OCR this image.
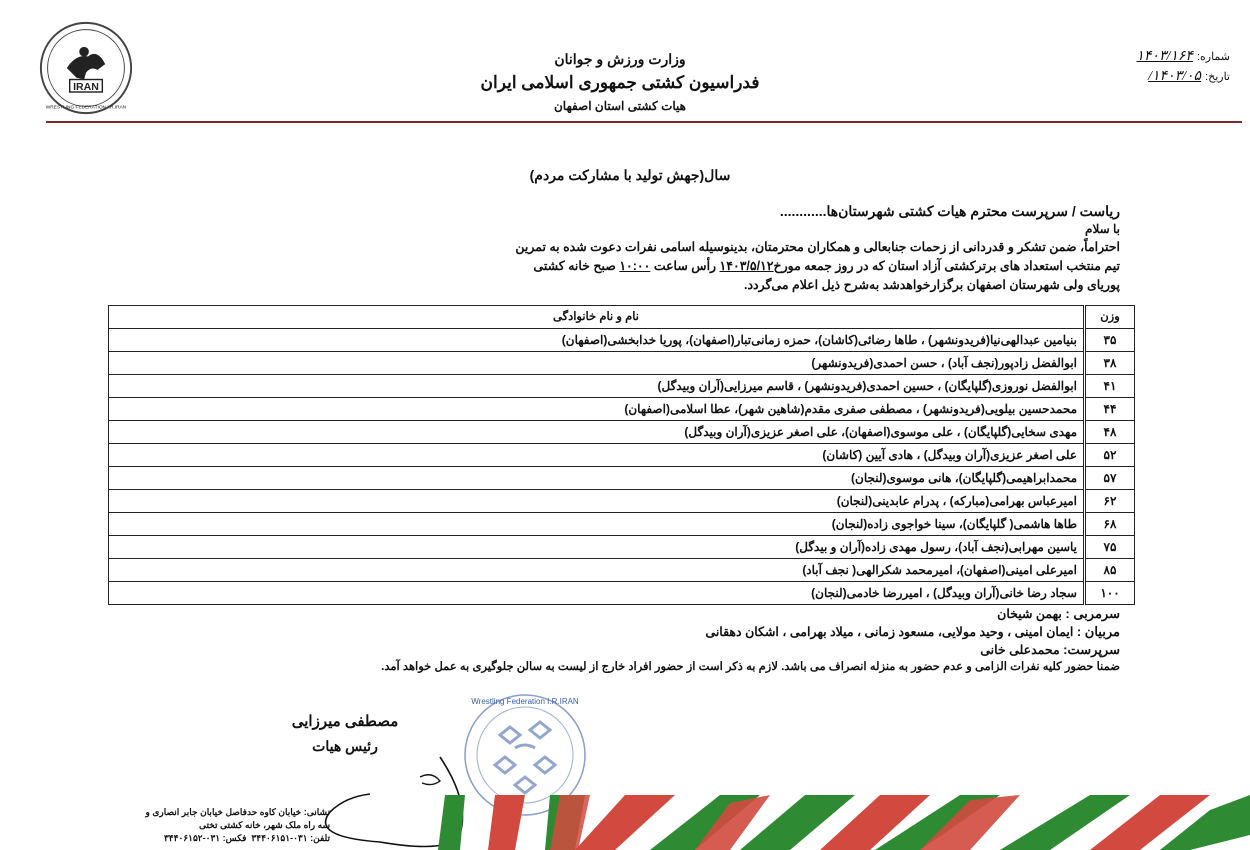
IRAN
WRESTLING FEDERATION I.R.IRAN
وزارت ورزش و جوانان
فدراسیون کشتی جمهوری اسلامی ایران
هیات کشتی استان اصفهان
شماره:
۱۴۰۳/۱۶۴
تاریخ:
۱۴۰۳/۰۵/
سال(جهش تولید با مشارکت مردم)
ریاست / سرپرست محترم هیات کشتی شهرستان‌ها............
با سلام
احتراماً، ضمن تشکر و قدردانی از زحمات جنابعالی و همکاران محترمتان، بدینوسیله اسامی نفرات دعوت شده به تمرین
تیم منتخب استعداد های برترکشتی آزاد استان که در روز جمعه مورخ۱۴۰۳/۵/۱۲ رأس ساعت ۱۰:۰۰ صبح خانه کشتی
پوریای ولی شهرستان اصفهان برگزارخواهدشد به‌شرح ذیل اعلام می‌گردد.
وزن	نام و نام خانوادگی
۳۵	بنیامین عبدالهی‌نیا(فریدونشهر) ، طاها رضائی(کاشان)، حمزه زمانی‌تبار(اصفهان)، پوریا خدابخشی(اصفهان)
۳۸	ابوالفضل زادپور(نجف آباد) ، حسن احمدی(فریدونشهر)
۴۱	ابوالفضل نوروزی(گلپایگان) ، حسین احمدی(فریدونشهر) ، قاسم میرزایی(آران وبیدگل)
۴۴	محمدحسین بیلویی(فریدونشهر) ، مصطفی صفری مقدم(شاهین شهر)، عطا اسلامی(اصفهان)
۴۸	مهدی سخایی(گلپایگان) ، علی موسوی(اصفهان)، علی اصغر عزیزی(آران وبیدگل)
۵۲	علی اصغر عزیزی(آران وبیدگل) ، هادی آیین (کاشان)
۵۷	محمدابراهیمی(گلپایگان)، هانی موسوی(لنجان)
۶۲	امیرعباس بهرامی(مبارکه) ، پدرام عابدینی(لنجان)
۶۸	طاها هاشمی( گلپایگان)، سینا خواجوی زاده(لنجان)
۷۵	یاسین مهرابی(نجف آباد)، رسول مهدی زاده(آران و بیدگل)
۸۵	امیرعلی امینی(اصفهان)، امیرمحمد شکرالهی( نجف آباد)
۱۰۰	سجاد رضا خانی(آران وبیدگل) ، امیررضا خادمی(لنجان)
سرمربی : بهمن شیخان
مربیان : ایمان امینی ، وحید مولایی، مسعود زمانی ، میلاد بهرامی ، اشکان دهقانی
سرپرست: محمدعلی خانی
ضمنا حضور کلیه نفرات الزامی و عدم حضور به منزله انصراف می باشد. لازم به ذکر است از حضور افراد خارج از لیست به سالن جلوگیری به عمل خواهد آمد.
Wrestling Federation I.R.IRAN
مصطفی میرزایی
رئیس هیات
نشانی: خیابان کاوه حدفاصل خیابان جابر انصاری و
سه راه ملک شهر، خانه کشتی تختی
تلفن: ۰۳۱-۳۴۴۰۶۱۵۱  فکس: ۰۳۱-۳۴۴۰۶۱۵۲
